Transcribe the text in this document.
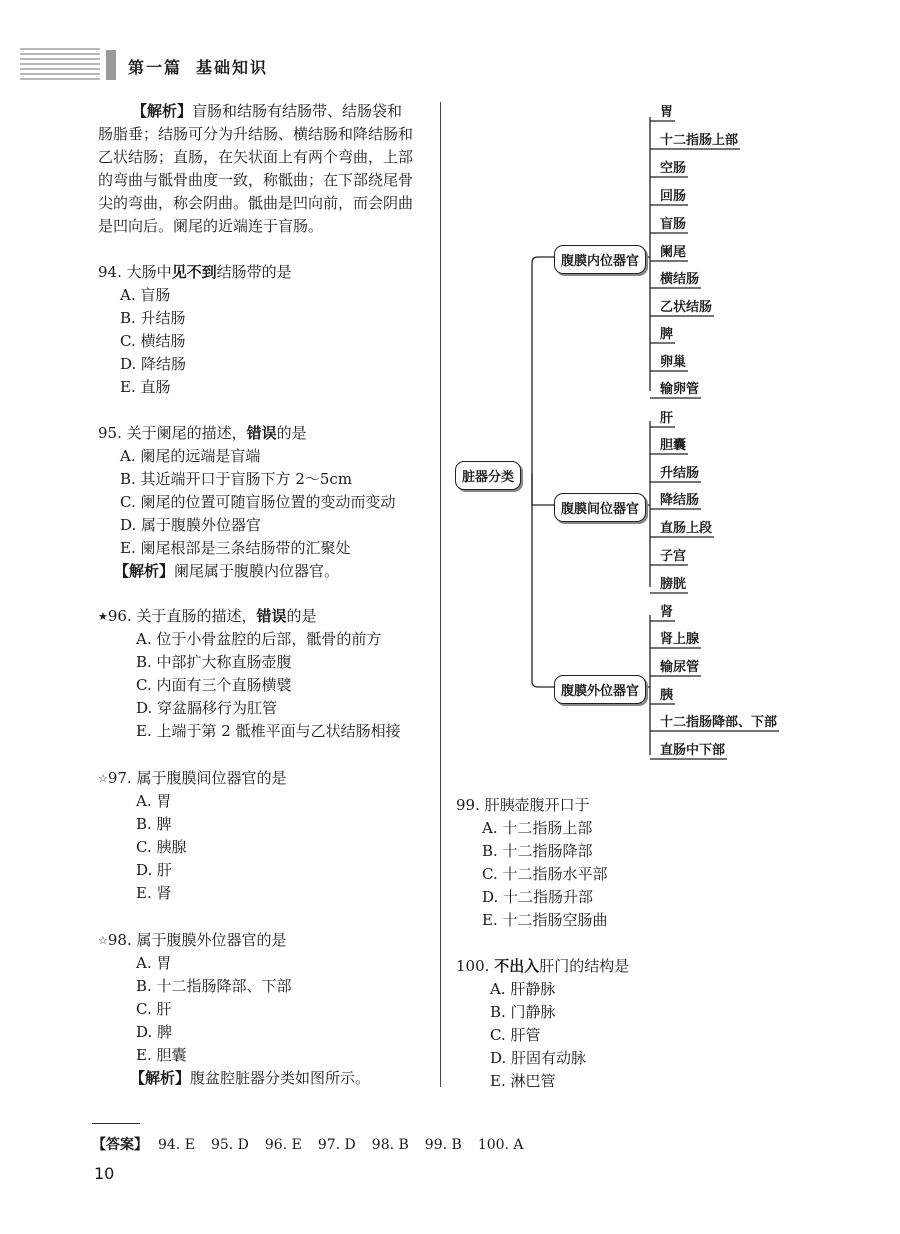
第一篇 基础知识

【解析】盲肠和结肠有结肠带、结肠袋和

肠脂垂；结肠可分为升结肠、横结肠和降结肠和

乙状结肠；直肠，在矢状面上有两个弯曲，上部

的弯曲与骶骨曲度一致，称骶曲；在下部绕尾骨

尖的弯曲，称会阴曲。骶曲是凹向前，而会阴曲

是凹向后。阑尾的近端连于盲肠。

94. 大肠中见不到结肠带的是
A. 盲肠
B. 升结肠
C. 横结肠
D. 降结肠
E. 直肠
95. 关于阑尾的描述，错误的是
A. 阑尾的远端是盲端
B. 其近端开口于盲肠下方 2～5cm
C. 阑尾的位置可随盲肠位置的变动而变动
D. 属于腹膜外位器官
E. 阑尾根部是三条结肠带的汇聚处
【解析】阑尾属于腹膜内位器官。
★96. 关于直肠的描述，错误的是
A. 位于小骨盆腔的后部，骶骨的前方
B. 中部扩大称直肠壶腹
C. 内面有三个直肠横襞
D. 穿盆膈移行为肛管
E. 上端于第 2 骶椎平面与乙状结肠相接
☆97. 属于腹膜间位器官的是
A. 胃
B. 脾
C. 胰腺
D. 肝
E. 肾
☆98. 属于腹膜外位器官的是
A. 胃
B. 十二指肠降部、下部
C. 肝
D. 脾
E. 胆囊
【解析】腹盆腔脏器分类如图所示。
脏器分类
腹膜内位器官
腹膜间位器官
腹膜外位器官
胃
十二指肠上部
空肠
回肠
盲肠
阑尾
横结肠
乙状结肠
脾
卵巢
输卵管
肝
胆囊
升结肠
降结肠
直肠上段
子宫
膀胱
肾
肾上腺
输尿管
胰
十二指肠降部、下部
直肠中下部
99. 肝胰壶腹开口于
A. 十二指肠上部
B. 十二指肠降部
C. 十二指肠水平部
D. 十二指肠升部
E. 十二指肠空肠曲
100. 不出入肝门的结构是
A. 肝静脉
B. 门静脉
C. 肝管
D. 肝固有动脉
E. 淋巴管
【答案】 94. E 95. D 96. E 97. D 98. B 99. B 100. A
10
